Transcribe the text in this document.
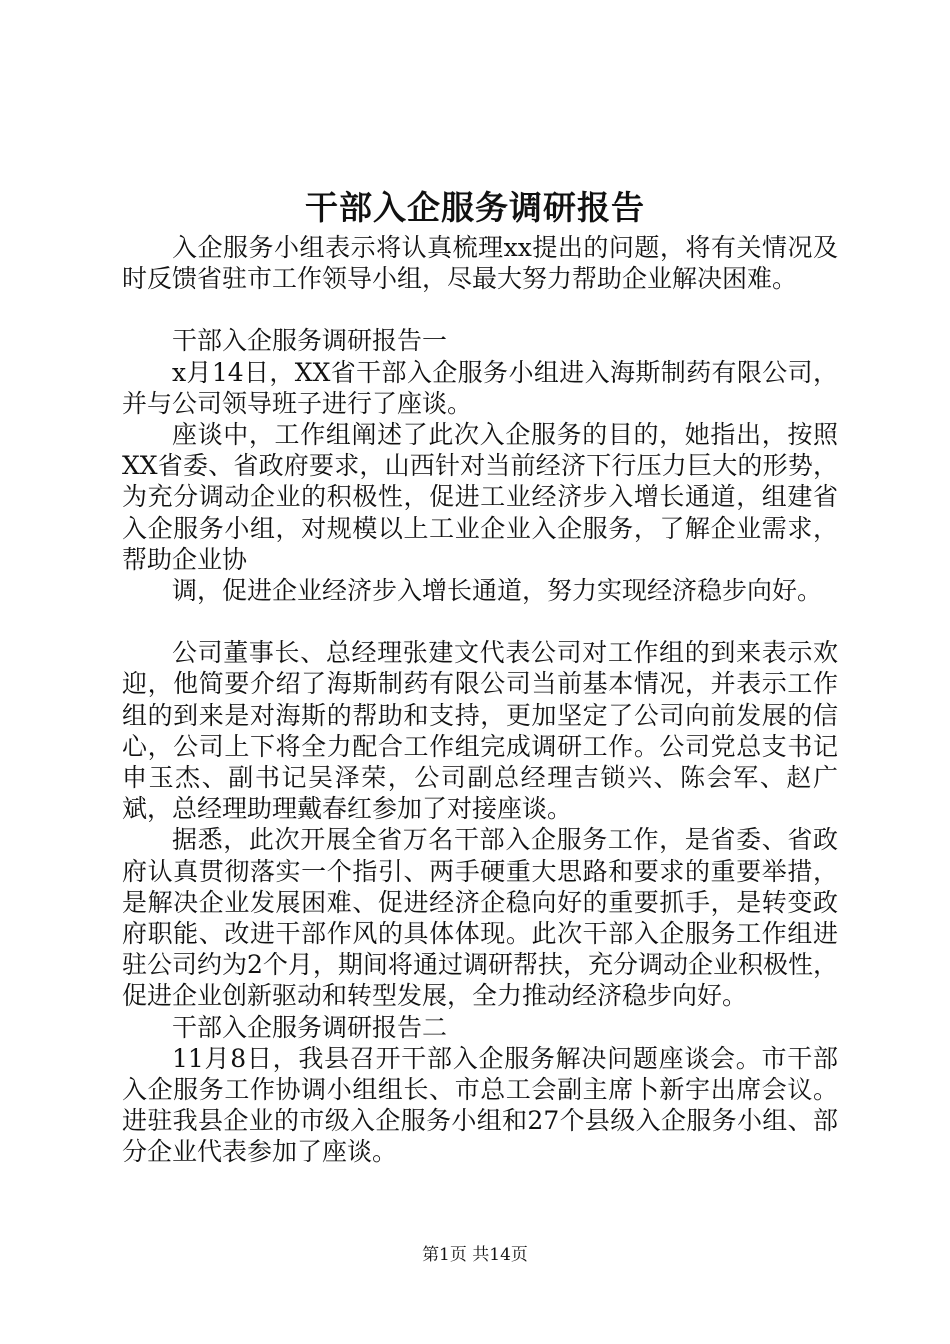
干部入企服务调研报告

入企服务小组表示将认真梳理xx提出的问题，将有关情况及时反馈省驻市工作领导小组，尽最大努力帮助企业解决困难。

干部入企服务调研报告一

x月14日，XX省干部入企服务小组进入海斯制药有限公司，并与公司领导班子进行了座谈。

座谈中，工作组阐述了此次入企服务的目的，她指出，按照XX省委、省政府要求，山西针对当前经济下行压力巨大的形势，为充分调动企业的积极性，促进工业经济步入增长通道，组建省入企服务小组，对规模以上工业企业入企服务，了解企业需求，帮助企业协

调，促进企业经济步入增长通道，努力实现经济稳步向好。

公司董事长、总经理张建文代表公司对工作组的到来表示欢迎，他简要介绍了海斯制药有限公司当前基本情况，并表示工作组的到来是对海斯的帮助和支持，更加坚定了公司向前发展的信心，公司上下将全力配合工作组完成调研工作。公司党总支书记申玉杰、副书记吴泽荣，公司副总经理吉锁兴、陈会军、赵广斌，总经理助理戴春红参加了对接座谈。

据悉，此次开展全省万名干部入企服务工作，是省委、省政府认真贯彻落实一个指引、两手硬重大思路和要求的重要举措，是解决企业发展困难、促进经济企稳向好的重要抓手，是转变政府职能、改进干部作风的具体体现。此次干部入企服务工作组进驻公司约为2个月，期间将通过调研帮扶，充分调动企业积极性，促进企业创新驱动和转型发展，全力推动经济稳步向好。

干部入企服务调研报告二

11月8日，我县召开干部入企服务解决问题座谈会。市干部入企服务工作协调小组组长、市总工会副主席卜新宇出席会议。进驻我县企业的市级入企服务小组和27个县级入企服务小组、部分企业代表参加了座谈。

第1页 共14页
